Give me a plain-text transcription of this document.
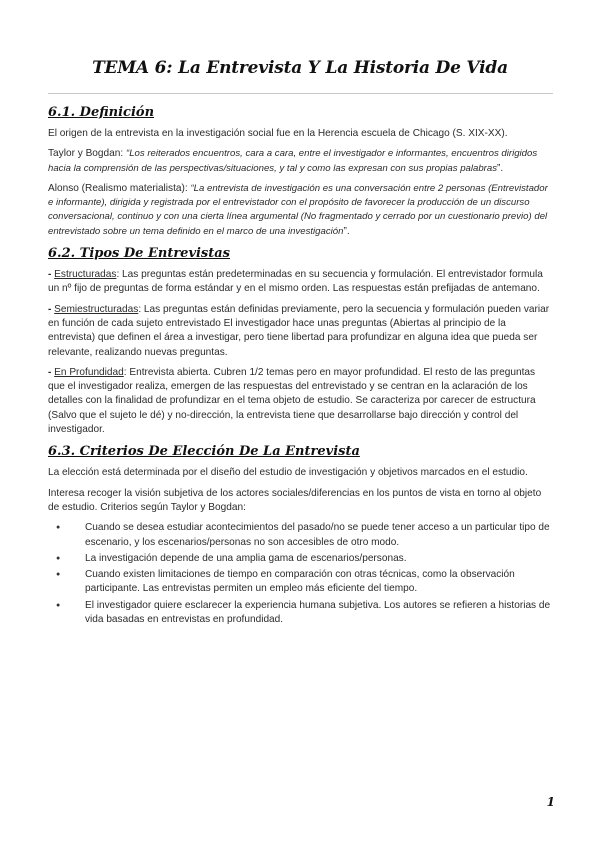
TEMA 6: La Entrevista Y La Historia De Vida
6.1. Definición

El origen de la entrevista en la investigación social fue en la Herencia escuela de Chicago (S. XIX-XX).

Taylor y Bogdan: “Los reiterados encuentros, cara a cara, entre el investigador e informantes, encuentros dirigidos hacia la comprensión de las perspectivas/situaciones, y tal y como las expresan con sus propias palabras”.

Alonso (Realismo materialista): “La entrevista de investigación es una conversación entre 2 personas (Entrevistador e informante), dirigida y registrada por el entrevistador con el propósito de favorecer la producción de un discurso conversacional, continuo y con una cierta línea argumental (No fragmentado y cerrado por un cuestionario previo) del entrevistado sobre un tema definido en el marco de una investigación”.

6.2. Tipos De Entrevistas

- Estructuradas: Las preguntas están predeterminadas en su secuencia y formulación. El entrevistador formula un nº fijo de preguntas de forma estándar y en el mismo orden. Las respuestas están prefijadas de antemano.

- Semiestructuradas: Las preguntas están definidas previamente, pero la secuencia y formulación pueden variar en función de cada sujeto entrevistado El investigador hace unas preguntas (Abiertas al principio de la entrevista) que definen el área a investigar, pero tiene libertad para profundizar en alguna idea que pueda ser relevante, realizando nuevas preguntas.

- En Profundidad: Entrevista abierta. Cubren 1/2 temas pero en mayor profundidad. El resto de las preguntas que el investigador realiza, emergen de las respuestas del entrevistado y se centran en la aclaración de los detalles con la finalidad de profundizar en el tema objeto de estudio. Se caracteriza por carecer de estructura (Salvo que el sujeto le dé) y no-dirección, la entrevista tiene que desarrollarse bajo dirección y control del investigador.

6.3. Criterios De Elección De La Entrevista

La elección está determinada por el diseño del estudio de investigación y objetivos marcados en el estudio.

Interesa recoger la visión subjetiva de los actores sociales/diferencias en los puntos de vista en torno al objeto de estudio. Criterios según Taylor y Bogdan:

● Cuando se desea estudiar acontecimientos del pasado/no se puede tener acceso a un particular tipo de escenario, y los escenarios/personas no son accesibles de otro modo.
● La investigación depende de una amplia gama de escenarios/personas.
● Cuando existen limitaciones de tiempo en comparación con otras técnicas, como la observación participante. Las entrevistas permiten un empleo más eficiente del tiempo.
● El investigador quiere esclarecer la experiencia humana subjetiva. Los autores se refieren a historias de vida basadas en entrevistas en profundidad.
1
